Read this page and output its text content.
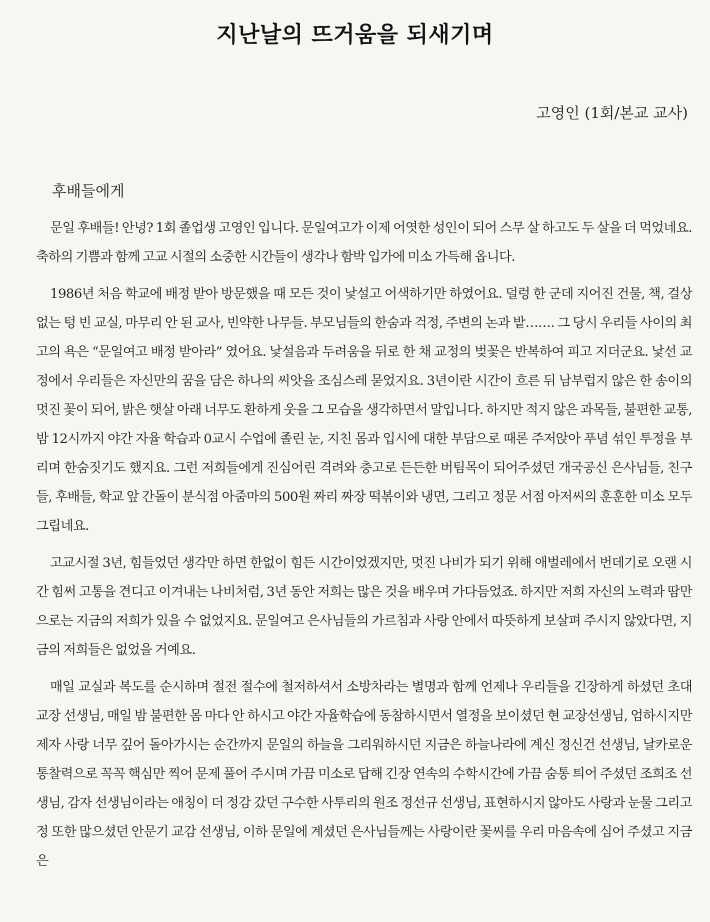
지난날의 뜨거움을 되새기며
고영인 (1회/본교 교사)
후배들에게

문일 후배들! 안녕? 1회 졸업생 고영인 입니다. 문일여고가 이제 어엿한 성인이 되어 스무 살 하고도 두 살을 더 먹었네요. 축하의 기쁨과 함께 고교 시절의 소중한 시간들이 생각나 함박 입가에 미소 가득해 옵니다.

1986년 처음 학교에 배정 받아 방문했을 때 모든 것이 낯설고 어색하기만 하였어요. 덜렁 한 군데 지어진 건물, 책, 걸상 없는 텅 빈 교실, 마무리 안 된 교사, 빈약한 나무들. 부모님들의 한숨과 걱정, 주변의 논과 밭……. 그 당시 우리들 사이의 최고의 욕은 “문일여고 배정 받아라” 였어요. 낯설음과 두려움을 뒤로 한 채 교정의 벚꽃은 반복하여 피고 지더군요. 낯선 교정에서 우리들은 자신만의 꿈을 담은 하나의 씨앗을 조심스레 묻었지요. 3년이란 시간이 흐른 뒤 남부럽지 않은 한 송이의 멋진 꽃이 되어, 밝은 햇살 아래 너무도 환하게 웃을 그 모습을 생각하면서 말입니다. 하지만 적지 않은 과목들, 불편한 교통, 밤 12시까지 야간 자율 학습과 0교시 수업에 졸린 눈, 지친 몸과 입시에 대한 부담으로 때론 주저앉아 푸념 섞인 투정을 부리며 한숨짓기도 했지요. 그런 저희들에게 진심어린 격려와 충고로 든든한 버팀목이 되어주셨던 개국공신 은사님들, 친구들, 후배들, 학교 앞 간돌이 분식점 아줌마의 500원 짜리 짜장 떡볶이와 냉면, 그리고 정문 서점 아저씨의 훈훈한 미소 모두 그립네요.

고교시절 3년, 힘들었던 생각만 하면 한없이 힘든 시간이었겠지만, 멋진 나비가 되기 위해 애벌레에서 번데기로 오랜 시간 힘써 고통을 견디고 이겨내는 나비처럼, 3년 동안 저희는 많은 것을 배우며 가다듬었죠. 하지만 저희 자신의 노력과 땀만으로는 지금의 저희가 있을 수 없었지요. 문일여고 은사님들의 가르침과 사랑 안에서 따뜻하게 보살펴 주시지 않았다면, 지금의 저희들은 없었을 거예요.

매일 교실과 복도를 순시하며 절전 절수에 철저하셔서 소방차라는 별명과 함께 언제나 우리들을 긴장하게 하셨던 초대 교장 선생님, 매일 밤 불편한 몸 마다 안 하시고 야간 자율학습에 동참하시면서 열정을 보이셨던 현 교장선생님, 엄하시지만 제자 사랑 너무 깊어 돌아가시는 순간까지 문일의 하늘을 그리워하시던 지금은 하늘나라에 계신 정신건 선생님, 날카로운 통찰력으로 꼭꼭 핵심만 찍어 문제 풀어 주시며 가끔 미소로 답해 긴장 연속의 수학시간에 가끔 숨통 틔어 주셨던 조희조 선생님, 감자 선생님이라는 애칭이 더 정감 갔던 구수한 사투리의 원조 정선규 선생님, 표현하시지 않아도 사랑과 눈물 그리고 정 또한 많으셨던 안문기 교감 선생님, 이하 문일에 계셨던 은사님들께는 사랑이란 꽃씨를 우리 마음속에 심어 주셨고 지금은
